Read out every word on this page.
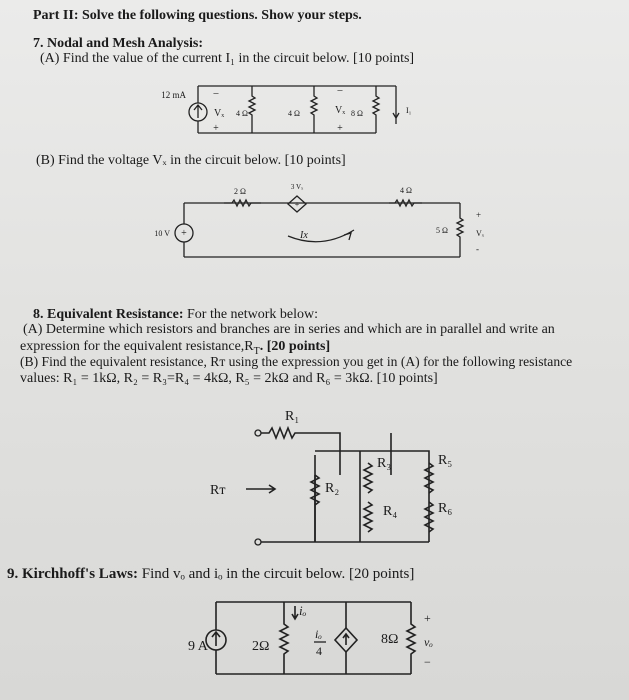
Part II: Solve the following questions. Show your steps.
7. Nodal and Mesh Analysis:
(A) Find the value of the current I₁ in the circuit below. [10 points]
12 mA −
Vₓ
+
4 Ω	4 Ω
−
Vₓ
+
8 Ω	I₁
(B) Find the voltage Vₓ in the circuit below. [10 points]
10 V +
2 Ω	3 Vₓ
+
4 Ω
5 Ω
+
Vₓ
-
Ix
8. Equivalent Resistance: For the network below:
(A) Determine which resistors and branches are in series and which are in parallel and write an
expression for the equivalent $resistance,R_T$. [20 points]
(B) Find the equivalent resistance, Rᴛ using the expression you get in (A) for the following resistance
values: R₁ = 1kΩ, R₂ = R₃=R₄ = 4kΩ, R₅ = 2kΩ and R₆ = 3kΩ. [10 points]
R₁
R₂
R₃
R₄
R₅
R₆
Rᴛ
9. Kirchhoff's Laws: Find vₒ and iₒ in the circuit below. [20 points]
9 A	2Ω
iₒ
iₒ
4
8Ω
+
vₒ
−
